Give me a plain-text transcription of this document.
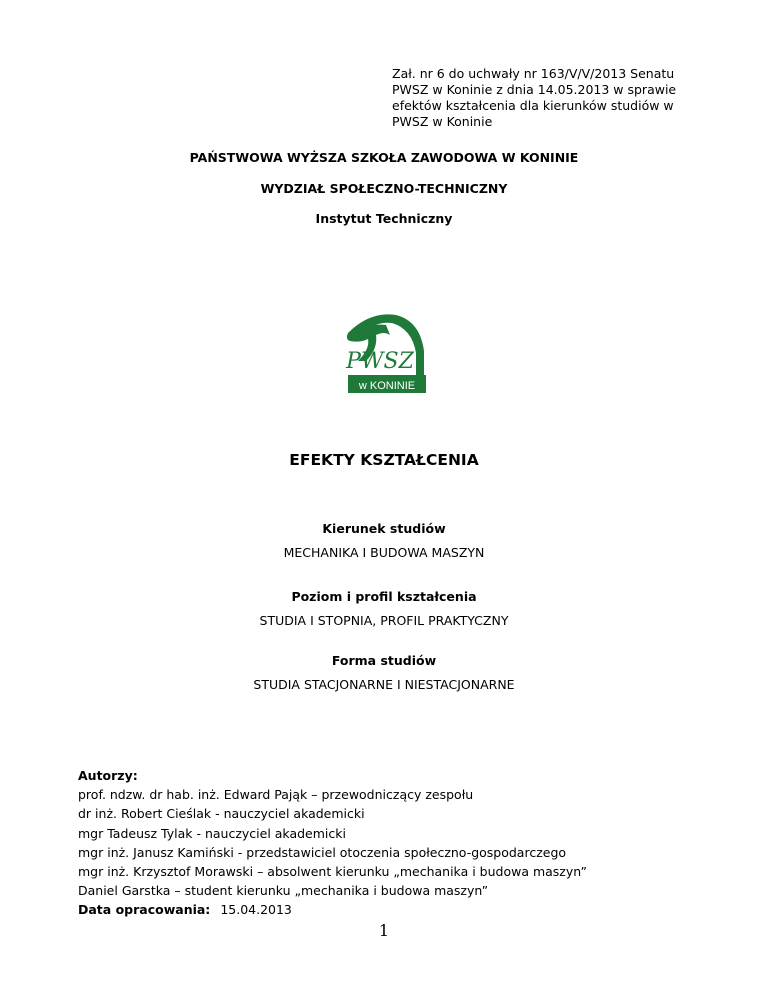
Zał. nr 6 do uchwały nr 163/V/V/2013 Senatu
PWSZ w Koninie z dnia 14.05.2013 w sprawie
efektów kształcenia dla kierunków studiów w
PWSZ w Koninie
PAŃSTWOWA WYŻSZA SZKOŁA ZAWODOWA W KONINIE
WYDZIAŁ SPOŁECZNO-TECHNICZNY
Instytut Techniczny
PWSZ
w KONINIE
EFEKTY KSZTAŁCENIA
Kierunek studiów
MECHANIKA I BUDOWA MASZYN
Poziom i profil kształcenia
STUDIA I STOPNIA, PROFIL PRAKTYCZNY
Forma studiów
STUDIA STACJONARNE I NIESTACJONARNE
Autorzy:
prof. ndzw. dr hab. inż. Edward Pająk – przewodniczący zespołu
dr inż. Robert Cieślak - nauczyciel akademicki
mgr Tadeusz Tylak - nauczyciel akademicki
mgr inż. Janusz Kamiński - przedstawiciel otoczenia społeczno-gospodarczego
mgr inż. Krzysztof Morawski – absolwent kierunku „mechanika i budowa maszyn”
Daniel Garstka – student kierunku „mechanika i budowa maszyn”
Data opracowania: 15.04.2013
1
